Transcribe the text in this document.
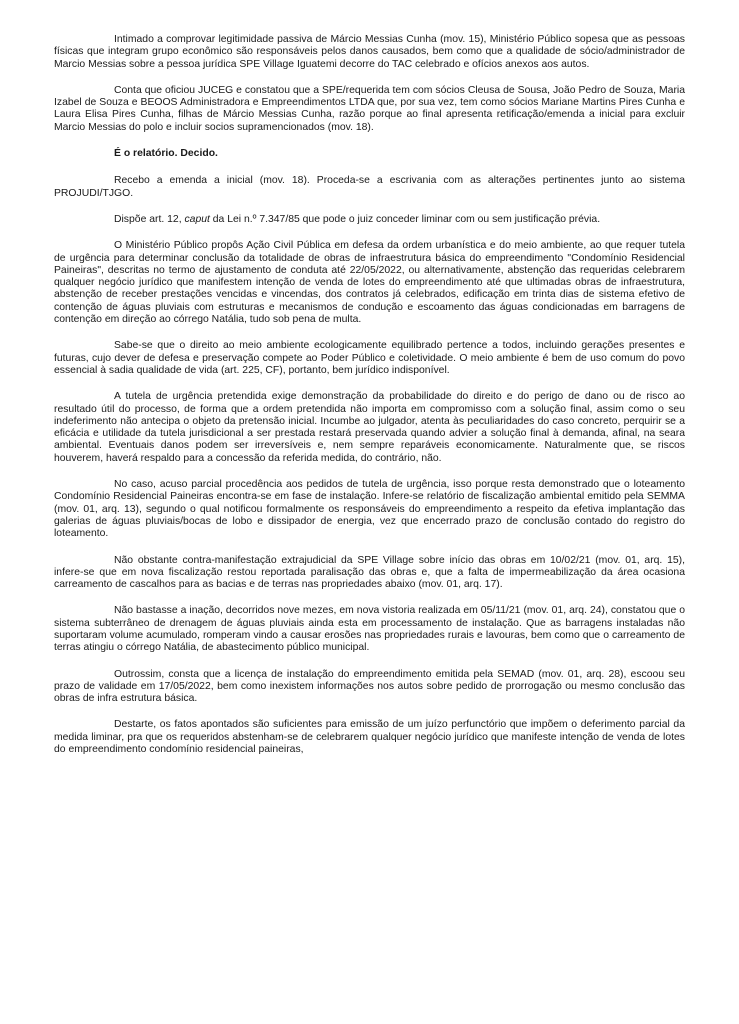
Intimado a comprovar legitimidade passiva de Márcio Messias Cunha (mov. 15), Ministério Público sopesa que as pessoas físicas que integram grupo econômico são responsáveis pelos danos causados, bem como que a qualidade de sócio/administrador de Marcio Messias sobre a pessoa jurídica SPE Village Iguatemi decorre do TAC celebrado e ofícios anexos aos autos.

Conta que oficiou JUCEG e constatou que a SPE/requerida tem com sócios Cleusa de Sousa, João Pedro de Souza, Maria Izabel de Souza e BEOOS Administradora e Empreendimentos LTDA que, por sua vez, tem como sócios Mariane Martins Pires Cunha e Laura Elisa Pires Cunha, filhas de Márcio Messias Cunha, razão porque ao final apresenta retificação/emenda a inicial para excluir Marcio Messias do polo e incluir socios supramencionados (mov. 18).

É o relatório. Decido.

Recebo a emenda a inicial (mov. 18). Proceda-se a escrivania com as alterações pertinentes junto ao sistema PROJUDI/TJGO.

Dispõe art. 12, caput da Lei n.º 7.347/85 que pode o juiz conceder liminar com ou sem justificação prévia.

O Ministério Público propôs Ação Civil Pública em defesa da ordem urbanística e do meio ambiente, ao que requer tutela de urgência para determinar conclusão da totalidade de obras de infraestrutura básica do empreendimento "Condomínio Residencial Paineiras", descritas no termo de ajustamento de conduta até 22/05/2022, ou alternativamente, abstenção das requeridas celebrarem qualquer negócio jurídico que manifestem intenção de venda de lotes do empreendimento até que ultimadas obras de infraestrutura, abstenção de receber prestações vencidas e vincendas, dos contratos já celebrados, edificação em trinta dias de sistema efetivo de contenção de águas pluviais com estruturas e mecanismos de condução e escoamento das águas condicionadas em barragens de contenção em direção ao córrego Natália, tudo sob pena de multa.

Sabe-se que o direito ao meio ambiente ecologicamente equilibrado pertence a todos, incluindo gerações presentes e futuras, cujo dever de defesa e preservação compete ao Poder Público e coletividade. O meio ambiente é bem de uso comum do povo essencial à sadia qualidade de vida (art. 225, CF), portanto, bem jurídico indisponível.

A tutela de urgência pretendida exige demonstração da probabilidade do direito e do perigo de dano ou de risco ao resultado útil do processo, de forma que a ordem pretendida não importa em compromisso com a solução final, assim como o seu indeferimento não antecipa o objeto da pretensão inicial. Incumbe ao julgador, atenta às peculiaridades do caso concreto, perquirir se a eficácia e utilidade da tutela jurisdicional a ser prestada restará preservada quando advier a solução final à demanda, afinal, na seara ambiental. Eventuais danos podem ser irreversíveis e, nem sempre reparáveis economicamente. Naturalmente que, se riscos houverem, haverá respaldo para a concessão da referida medida, do contrário, não.

No caso, acuso parcial procedência aos pedidos de tutela de urgência, isso porque resta demonstrado que o loteamento Condomínio Residencial Paineiras encontra-se em fase de instalação. Infere-se relatório de fiscalização ambiental emitido pela SEMMA (mov. 01, arq. 13), segundo o qual notificou formalmente os responsáveis do empreendimento a respeito da efetiva implantação das galerias de águas pluviais/bocas de lobo e dissipador de energia, vez que encerrado prazo de conclusão contado do registro do loteamento.

Não obstante contra-manifestação extrajudicial da SPE Village sobre início das obras em 10/02/21 (mov. 01, arq. 15), infere-se que em nova fiscalização restou reportada paralisação das obras e, que a falta de impermeabilização da área ocasiona carreamento de cascalhos para as bacias e de terras nas propriedades abaixo (mov. 01, arq. 17).

Não bastasse a inação, decorridos nove mezes, em nova vistoria realizada em 05/11/21 (mov. 01, arq. 24), constatou que o sistema subterrâneo de drenagem de águas pluviais ainda esta em processamento de instalação. Que as barragens instaladas não suportaram volume acumulado, romperam vindo a causar erosões nas propriedades rurais e lavouras, bem como que o carreamento de terras atingiu o córrego Natália, de abastecimento público municipal.

Outrossim, consta que a licença de instalação do empreendimento emitida pela SEMAD (mov. 01, arq. 28), escoou seu prazo de validade em 17/05/2022, bem como inexistem informações nos autos sobre pedido de prorrogação ou mesmo conclusão das obras de infra estrutura básica.

Destarte, os fatos apontados são suficientes para emissão de um juízo perfunctório que impõem o deferimento parcial da medida liminar, pra que os requeridos abstenham-se de celebrarem qualquer negócio jurídico que manifeste intenção de venda de lotes do empreendimento condomínio residencial paineiras,
